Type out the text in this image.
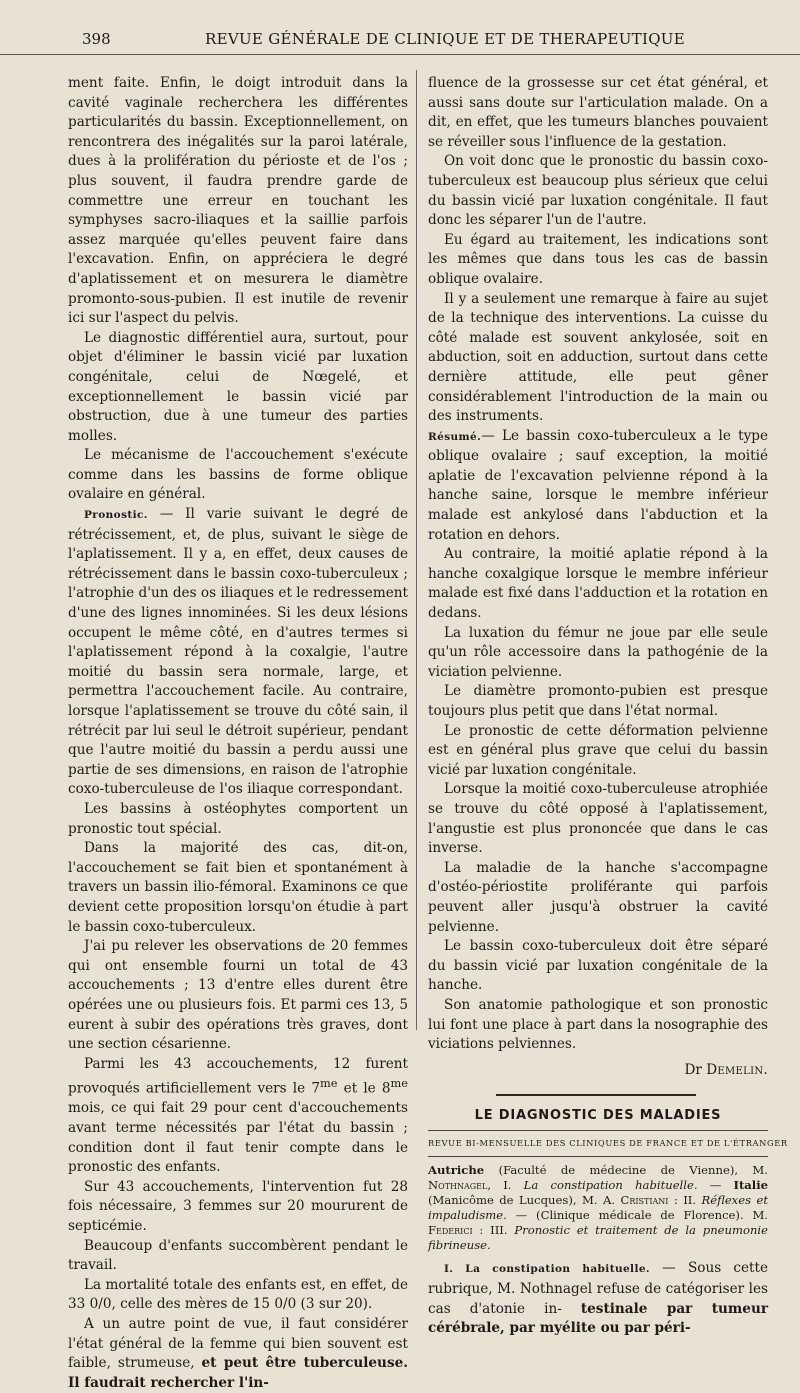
398	REVUE GÉNÉRALE DE CLINIQUE ET DE THERAPEUTIQUE

ment faite. Enfin, le doigt introduit dans la cavité vaginale recherchera les différentes particularités du bassin. Exceptionnellement, on rencontrera des inégalités sur la paroi latérale, dues à la prolifération du périoste et de l'os ; plus souvent, il faudra prendre garde de commettre une erreur en touchant les symphyses sacro-iliaques et la saillie parfois assez marquée qu'elles peuvent faire dans l'excavation. Enfin, on appréciera le degré d'aplatissement et on mesurera le diamètre promonto-sous-pubien. Il est inutile de revenir ici sur l'aspect du pelvis.

Le diagnostic différentiel aura, surtout, pour objet d'éliminer le bassin vicié par luxation congénitale, celui de Nœgelé, et exceptionnellement le bassin vicié par obstruction, due à une tumeur des parties molles.

Le mécanisme de l'accouchement s'exécute comme dans les bassins de forme oblique ovalaire en général.

Pronostic. — Il varie suivant le degré de rétrécissement, et, de plus, suivant le siège de l'aplatissement. Il y a, en effet, deux causes de rétrécissement dans le bassin coxo-tuberculeux ; l'atrophie d'un des os iliaques et le redressement d'une des lignes innominées. Si les deux lésions occupent le même côté, en d'autres termes si l'aplatissement répond à la coxalgie, l'autre moitié du bassin sera normale, large, et permettra l'accouchement facile. Au contraire, lorsque l'aplatissement se trouve du côté sain, il rétrécit par lui seul le détroit supérieur, pendant que l'autre moitié du bassin a perdu aussi une partie de ses dimensions, en raison de l'atrophie coxo-tuberculeuse de l'os iliaque correspondant.

Les bassins à ostéophytes comportent un pronostic tout spécial.

Dans la majorité des cas, dit-on, l'accouchement se fait bien et spontanément à travers un bassin ilio-fémoral. Examinons ce que devient cette proposition lorsqu'on étudie à part le bassin coxo-tuberculeux.

J'ai pu relever les observations de 20 femmes qui ont ensemble fourni un total de 43 accouchements ; 13 d'entre elles durent être opérées une ou plusieurs fois. Et parmi ces 13, 5 eurent à subir des opérations très graves, dont une section césarienne.

Parmi les 43 accouchements, 12 furent provoqués artificiellement vers le $7^{me}$ et le $8^{me}$ mois, ce qui fait 29 pour cent d'accouchements avant terme nécessités par l'état du bassin ; condition dont il faut tenir compte dans le pronostic des enfants.

Sur 43 accouchements, l'intervention fut 28 fois nécessaire, 3 femmes sur 20 moururent de septicémie.

Beaucoup d'enfants succombèrent pendant le travail.

La mortalité totale des enfants est, en effet, de 33 0/0, celle des mères de 15 0/0 (3 sur 20).

A un autre point de vue, il faut considérer l'état général de la femme qui bien souvent est faible, strumeuse, et peut être tuberculeuse. Il faudrait rechercher l'in-

fluence de la grossesse sur cet état général, et aussi sans doute sur l'articulation malade. On a dit, en effet, que les tumeurs blanches pouvaient se réveiller sous l'influence de la gestation.

On voit donc que le pronostic du bassin coxo-tuberculeux est beaucoup plus sérieux que celui du bassin vicié par luxation congénitale. Il faut donc les séparer l'un de l'autre.

Eu égard au traitement, les indications sont les mêmes que dans tous les cas de bassin oblique ovalaire.

Il y a seulement une remarque à faire au sujet de la technique des interventions. La cuisse du côté malade est souvent ankylosée, soit en abduction, soit en adduction, surtout dans cette dernière attitude, elle peut gêner considérablement l'introduction de la main ou des instruments.

Résumé.— Le bassin coxo-tuberculeux a le type oblique ovalaire ; sauf exception, la moitié aplatie de l'excavation pelvienne répond à la hanche saine, lorsque le membre inférieur malade est ankylosé dans l'abduction et la rotation en dehors.

Au contraire, la moitié aplatie répond à la hanche coxalgique lorsque le membre inférieur malade est fixé dans l'adduction et la rotation en dedans.

La luxation du fémur ne joue par elle seule qu'un rôle accessoire dans la pathogénie de la viciation pelvienne.

Le diamètre promonto-pubien est presque toujours plus petit que dans l'état normal.

Le pronostic de cette déformation pelvienne est en général plus grave que celui du bassin vicié par luxation congénitale.

Lorsque la moitié coxo-tuberculeuse atrophiée se trouve du côté opposé à l'aplatissement, l'angustie est plus prononcée que dans le cas inverse.

La maladie de la hanche s'accompagne d'ostéo-périostite proliférante qui parfois peuvent aller jusqu'à obstruer la cavité pelvienne.

Le bassin coxo-tuberculeux doit être séparé du bassin vicié par luxation congénitale de la hanche.

Son anatomie pathologique et son pronostic lui font une place à part dans la nosographie des viciations pelviennes.

Dr Demelin.
LE DIAGNOSTIC DES MALADIES
REVUE BI-MENSUELLE DES CLINIQUES DE FRANCE ET DE L'ÉTRANGER
Autriche (Faculté de médecine de Vienne), M. Nothnagel, I. La constipation habituelle. — Italie (Manicôme de Lucques), M. A. Cristiani : II. Réflexes et impaludisme. — (Clinique médicale de Florence). M. Federici : III. Pronostic et traitement de la pneumonie fibrineuse.

I. La constipation habituelle. — Sous cette rubrique, M. Nothnagel refuse de catégoriser les cas d'atonie in- testinale par tumeur cérébrale, par myélite ou par péri-
